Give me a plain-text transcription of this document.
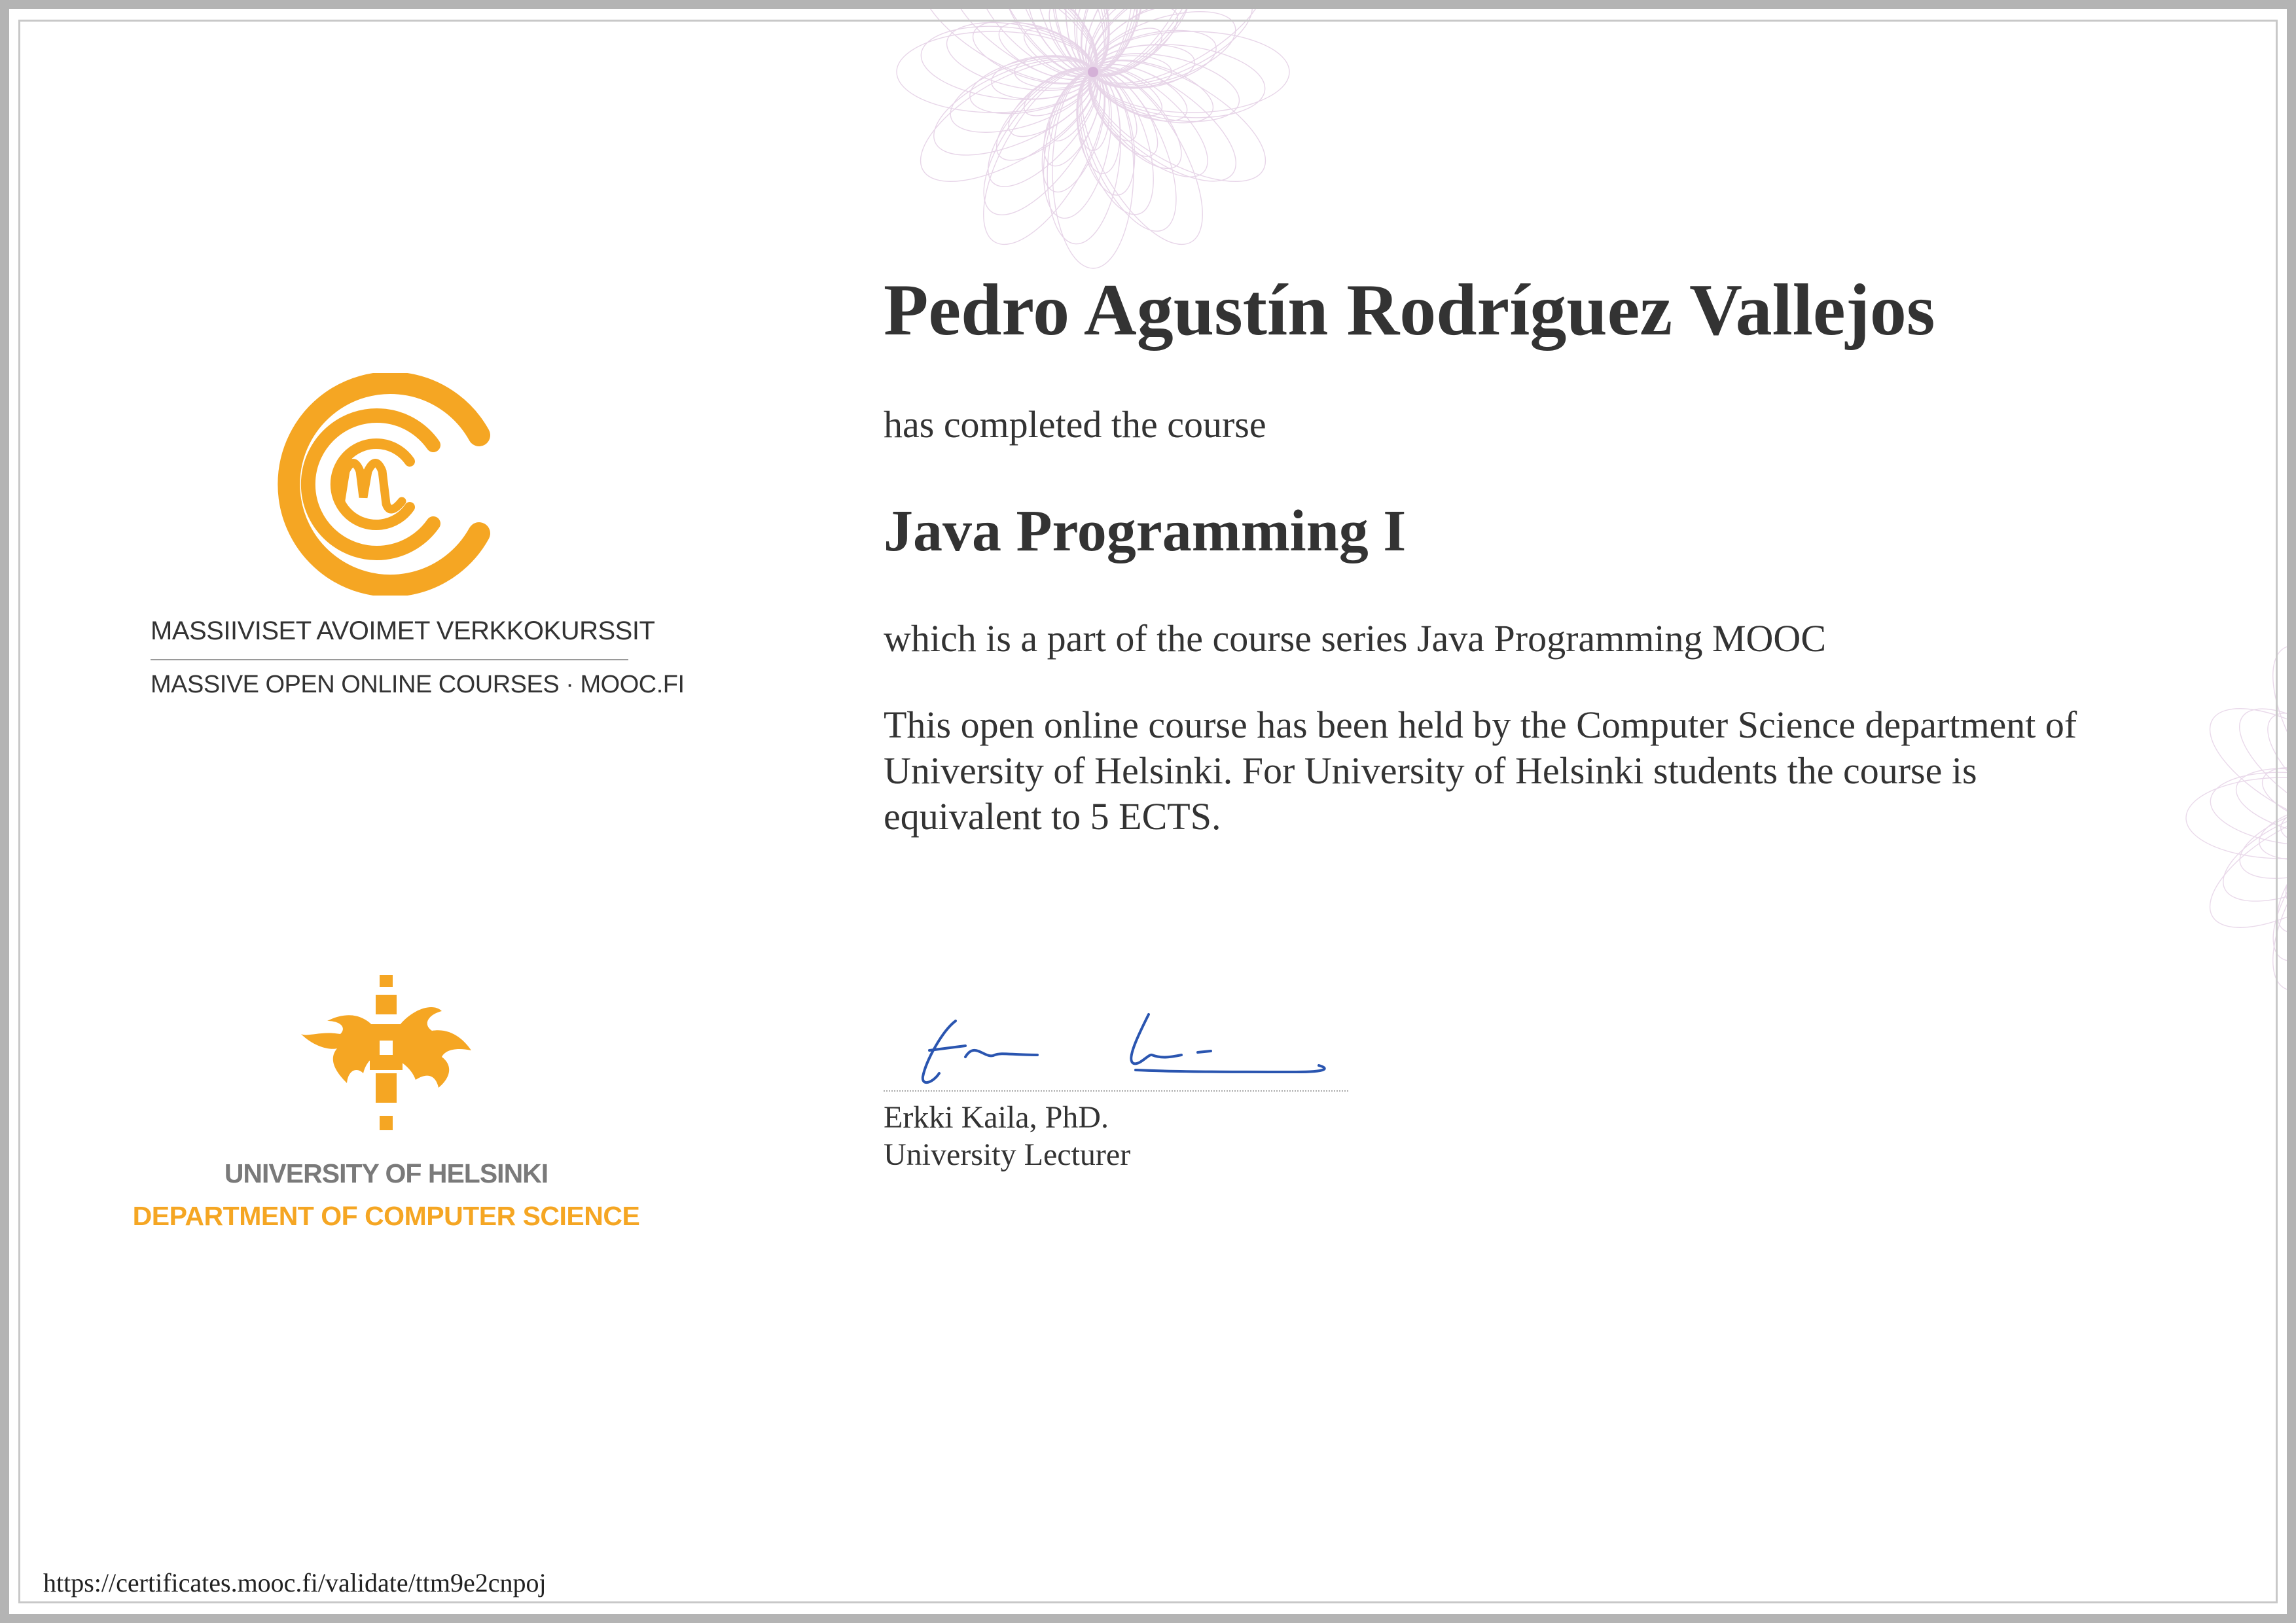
MASSIIVISET AVOIMET VERKKOKURSSIT
MASSIVE OPEN ONLINE COURSES · MOOC.FI
UNIVERSITY OF HELSINKI
DEPARTMENT OF COMPUTER SCIENCE
Pedro Agustín Rodríguez Vallejos
has completed the course
Java Programming I
which is a part of the course series Java Programming MOOC
This open online course has been held by the Computer Science department of University of Helsinki. For University of Helsinki students the course is equivalent to 5 ECTS.
Erkki Kaila, PhD.
University Lecturer
https://certificates.mooc.fi/validate/ttm9e2cnpoj
